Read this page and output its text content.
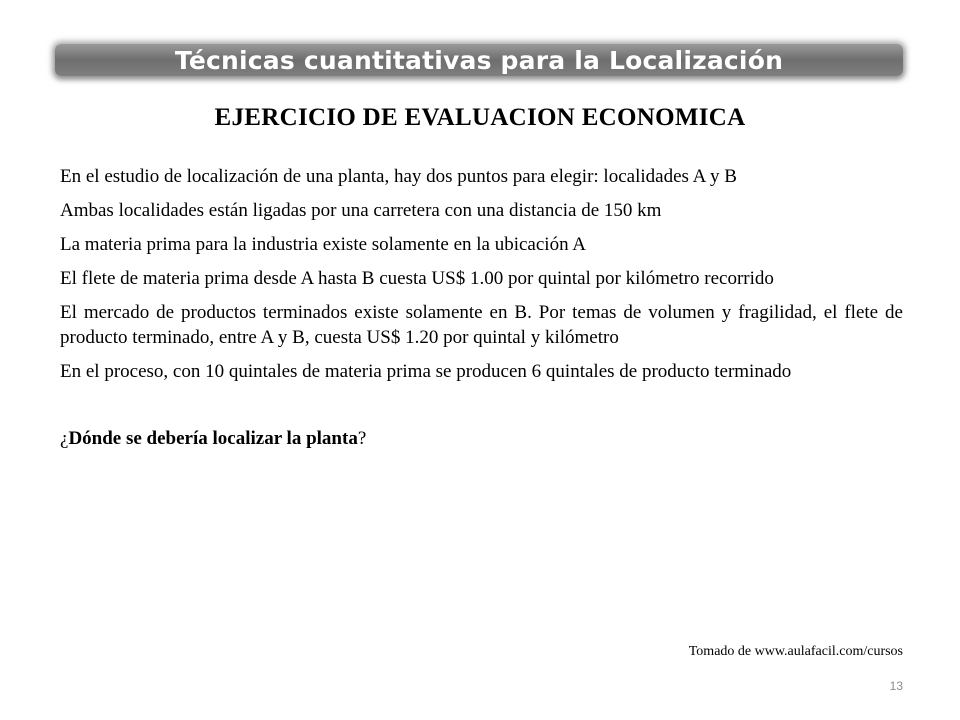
Técnicas cuantitativas para la Localización
EJERCICIO DE EVALUACION ECONOMICA

En el estudio de localización de una planta, hay dos puntos para elegir: localidades A y B

Ambas localidades están ligadas por una carretera con una distancia de 150 km

La materia prima para la industria existe solamente en la ubicación A

El flete de materia prima desde A hasta B cuesta US$ 1.00 por quintal por kilómetro recorrido

El mercado de productos terminados existe solamente en B. Por temas de volumen y fragilidad, el flete de producto terminado, entre A y B, cuesta US$ 1.20 por quintal y kilómetro

En el proceso, con 10 quintales de materia prima se producen 6 quintales de producto terminado

¿Dónde se debería localizar la planta?

Tomado de www.aulafacil.com/cursos
13
